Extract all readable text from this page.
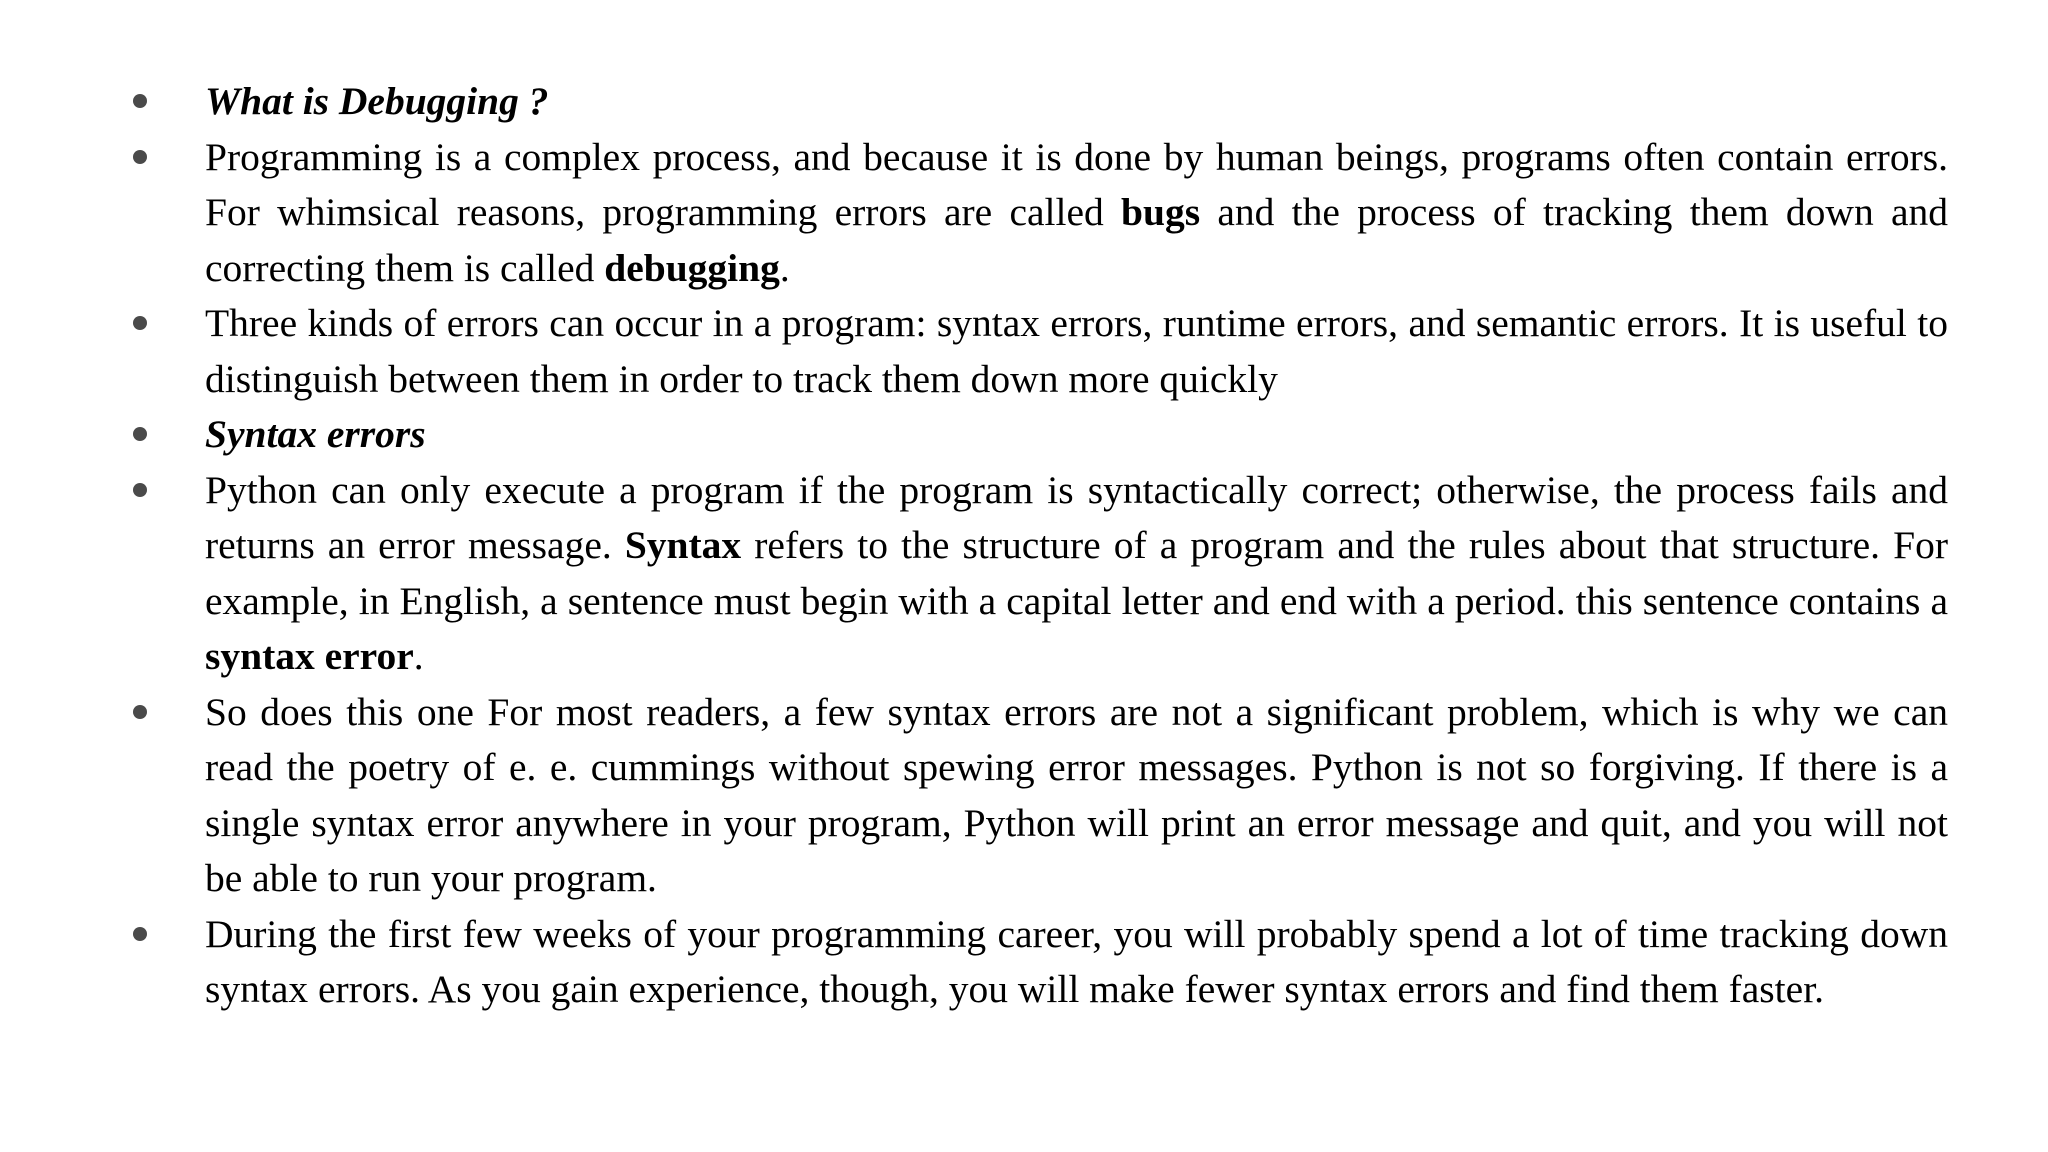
What is Debugging ?
Programming is a complex process, and because it is done by human beings, programs often contain errors. For whimsical reasons, programming errors are called bugs and the process of tracking them down and correcting them is called debugging.
Three kinds of errors can occur in a program: syntax errors, runtime errors, and semantic errors. It is useful to distinguish between them in order to track them down more quickly
Syntax errors
Python can only execute a program if the program is syntactically correct; otherwise, the process fails and returns an error message. Syntax refers to the structure of a program and the rules about that structure. For example, in English, a sentence must begin with a capital letter and end with a period. this sentence contains a syntax error.
So does this one For most readers, a few syntax errors are not a significant problem, which is why we can read the poetry of e. e. cummings without spewing error messages. Python is not so forgiving. If there is a single syntax error anywhere in your program, Python will print an error message and quit, and you will not be able to run your program.
During the first few weeks of your programming career, you will probably spend a lot of time tracking down syntax errors. As you gain experience, though, you will make fewer syntax errors and find them faster.
